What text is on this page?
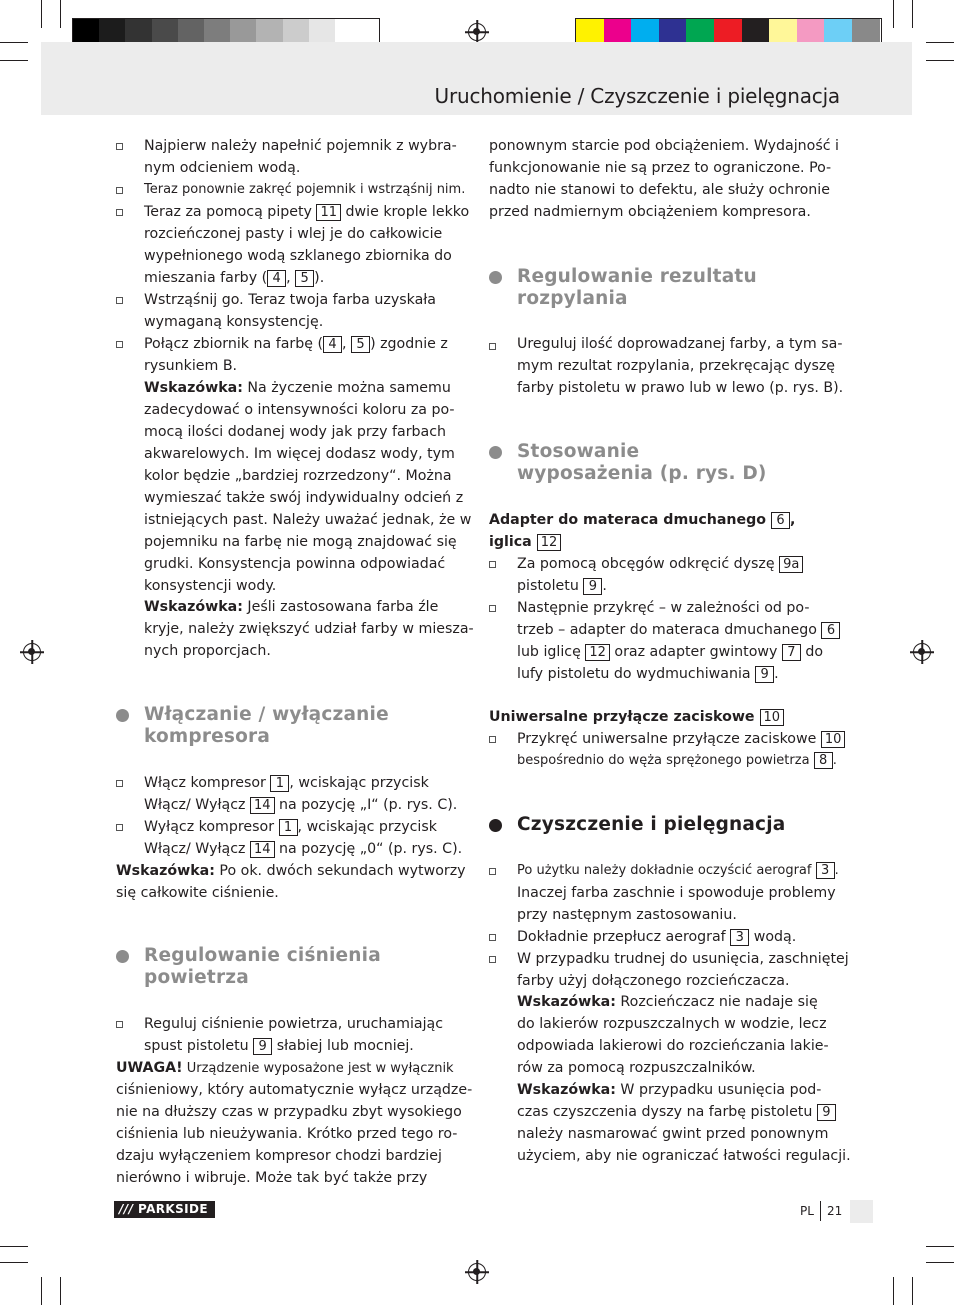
Uruchomienie / Czyszczenie i pielęgnacja
Najpierw należy napełnić pojemnik z wybra-
nym odcieniem wodą.
Teraz ponownie zakręć pojemnik i wstrząśnij nim.
Teraz za pomocą pipety 11 dwie krople lekko
rozcieńczonej pasty i wlej je do całkowicie
wypełnionego wodą szklanego zbiornika do
mieszania farby ( 4 , 5 ).
Wstrząśnij go. Teraz twoja farba uzyskała
wymaganą konsystencję.
Połącz zbiornik na farbę ( 4 , 5 ) zgodnie z
rysunkiem B.
Wskazówka: Na życzenie można samemu
zadecydować o intensywności koloru za po-
mocą ilości dodanej wody jak przy farbach
akwarelowych. Im więcej dodasz wody, tym
kolor będzie „bardziej rozrzedzony“. Można
wymieszać także swój indywidualny odcień z
istniejących past. Należy uważać jednak, że w
pojemniku na farbę nie mogą znajdować się
grudki. Konsystencja powinna odpowiadać
konsystencji wody.
Wskazówka: Jeśli zastosowana farba źle
kryje, należy zwiększyć udział farby w miesza-
nych proporcjach.
Włączanie / wyłączanie
kompresora
Włącz kompresor 1 , wciskając przycisk
Włącz/ Wyłącz 14 na pozycję „I“ (p. rys. C).
Wyłącz kompresor 1 , wciskając przycisk
Włącz/ Wyłącz 14 na pozycję „0“ (p. rys. C).
Wskazówka: Po ok. dwóch sekundach wytworzy
się całkowite ciśnienie.
Regulowanie ciśnienia
powietrza
Reguluj ciśnienie powietrza, uruchamiając
spust pistoletu 9 słabiej lub mocniej.
UWAGA! Urządzenie wyposażone jest w wyłącznik
ciśnieniowy, który automatycznie wyłącz urządze-
nie na dłuższy czas w przypadku zbyt wysokiego
ciśnienia lub nieużywania. Krótko przed tego ro-
dzaju wyłączeniem kompresor chodzi bardziej
nierówno i wibruje. Może tak być także przy
ponownym starcie pod obciążeniem. Wydajność i
funkcjonowanie nie są przez to ograniczone. Po-
nadto nie stanowi to defektu, ale służy ochronie
przed nadmiernym obciążeniem kompresora.
Regulowanie rezultatu
rozpylania
Ureguluj ilość doprowadzanej farby, a tym sa-
mym rezultat rozpylania, przekręcając dyszę
farby pistoletu w prawo lub w lewo (p. rys. B).
Stosowanie
wyposażenia (p. rys. D)
Adapter do materaca dmuchanego 6 ,
iglica 12
Za pomocą obcęgów odkręcić dyszę 9a
pistoletu 9 .
Następnie przykręć – w zależności od po-
trzeb – adapter do materaca dmuchanego 6
lub iglicę 12 oraz adapter gwintowy 7 do
lufy pistoletu do wydmuchiwania 9 .
Uniwersalne przyłącze zaciskowe 10
Przykręć uniwersalne przyłącze zaciskowe 10
bespośrednio do węża sprężonego powietrza 8 .
Czyszczenie i pielęgnacja
Po użytku należy dokładnie oczyścić aerograf 3 .
Inaczej farba zaschnie i spowoduje problemy
przy następnym zastosowaniu.
Dokładnie przepłucz aerograf 3 wodą.
W przypadku trudnej do usunięcia, zaschniętej
farby użyj dołączonego rozcieńczacza.
Wskazówka: Rozcieńczacz nie nadaje się
do lakierów rozpuszczalnych w wodzie, lecz
odpowiada lakierowi do rozcieńczania lakie-
rów za pomocą rozpuszczalników.
Wskazówka: W przypadku usunięcia pod-
czas czyszczenia dyszy na farbę pistoletu 9
należy nasmarować gwint przed ponownym
użyciem, aby nie ograniczać łatwości regulacji.
/// PARKSIDE	PL 21
